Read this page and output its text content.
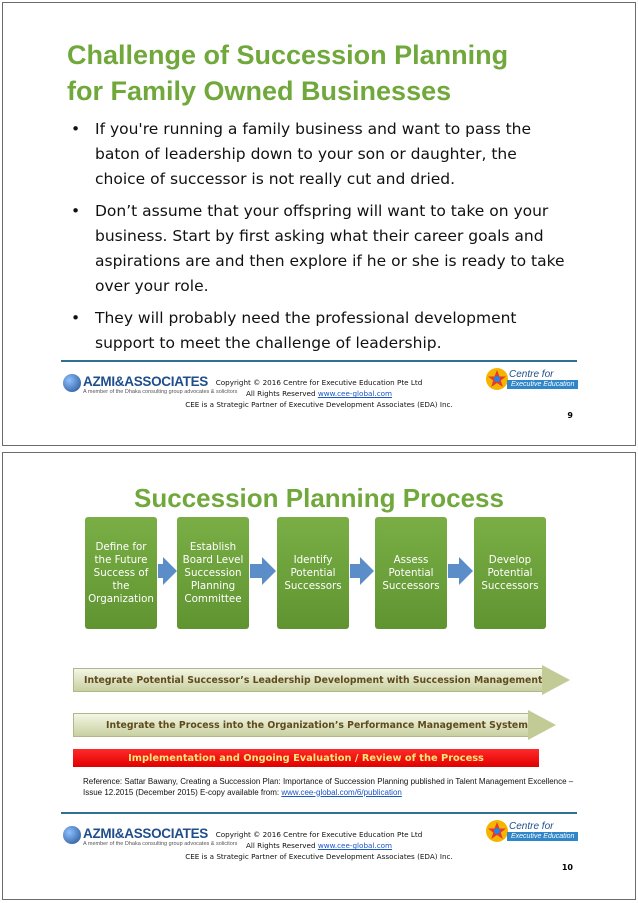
Challenge of Succession Planning
for Family Owned Businesses
• If you're running a family business and want to pass the baton of leadership down to your son or daughter, the choice of successor is not really cut and dried.
• Don’t assume that your offspring will want to take on your business. Start by first asking what their career goals and aspirations are and then explore if he or she is ready to take over your role.
• They will probably need the professional development support to meet the challenge of leadership.
AZMI&ASSOCIATES
A member of the Dhaka consulting group advocates & solicitors
Copyright © 2016 Centre for Executive Education Pte Ltd
All Rights Reserved www.cee-global.com
CEE is a Strategic Partner of Executive Development Associates (EDA) Inc.
Centre for
Executive Education
9
Succession Planning Process
Define for the Future Success of the Organization
Establish Board Level Succession Planning Committee
Identify Potential Successors
Assess Potential Successors
Develop Potential Successors
Integrate Potential Successor’s Leadership Development with Succession Management
Integrate the Process into the Organization’s Performance Management System
Implementation and Ongoing Evaluation / Review of the Process
Reference: Sattar Bawany, Creating a Succession Plan: Importance of Succession Planning published in Talent Management Excellence – Issue 12.2015 (December 2015) E-copy available from: www.cee-global.com/6/publication
AZMI&ASSOCIATES
A member of the Dhaka consulting group advocates & solicitors
Copyright © 2016 Centre for Executive Education Pte Ltd
All Rights Reserved www.cee-global.com
CEE is a Strategic Partner of Executive Development Associates (EDA) Inc.
Centre for
Executive Education
10
